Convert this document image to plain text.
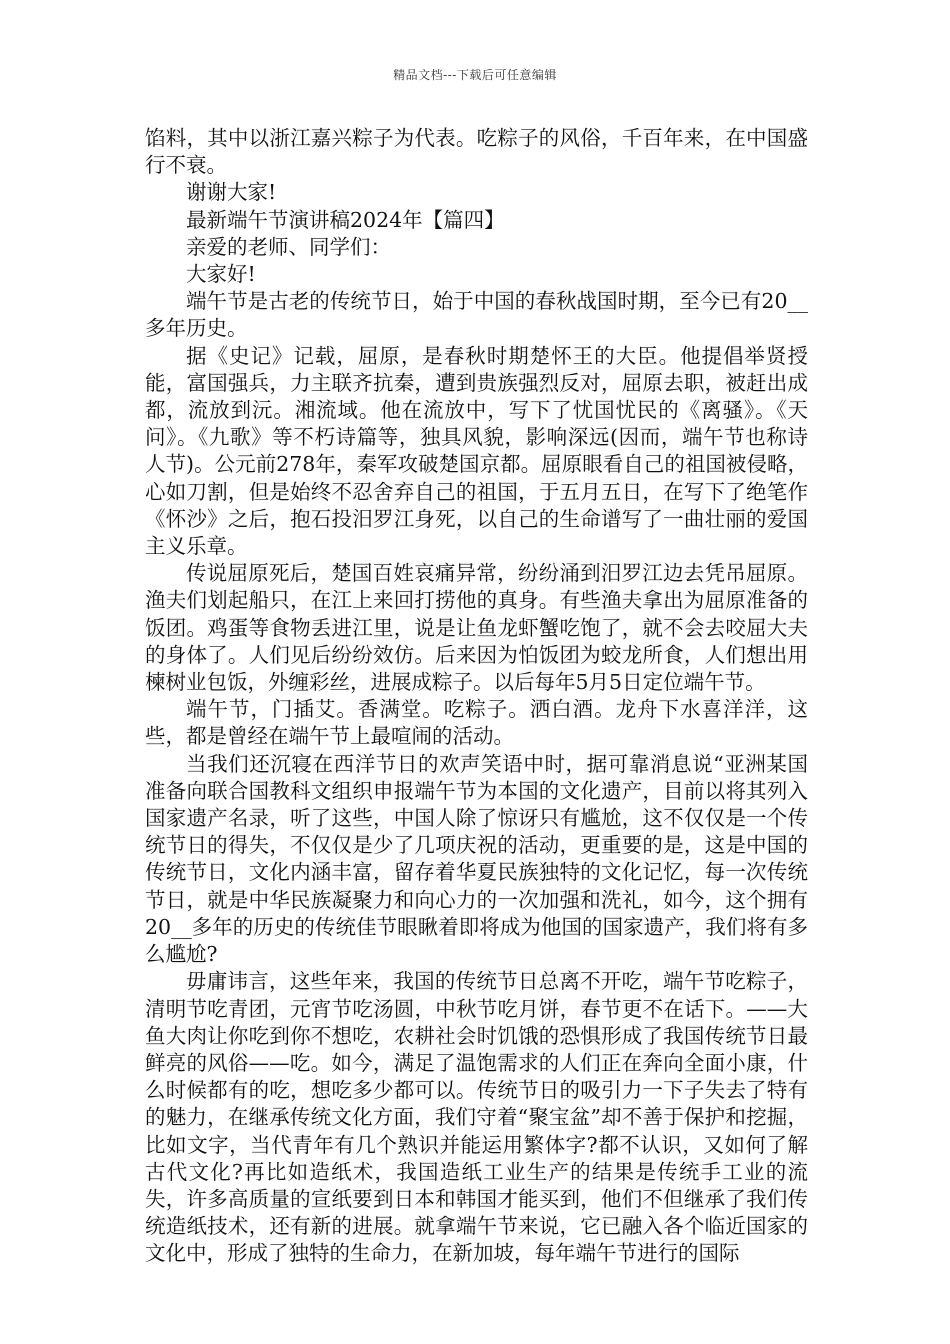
精品文档---下载后可任意编辑

馅料，其中以浙江嘉兴粽子为代表。吃粽子的风俗，千百年来，在中国盛行不衰。

谢谢大家!

最新端午节演讲稿2024年【篇四】

亲爱的老师、同学们：

大家好!

端午节是古老的传统节日，始于中国的春秋战国时期，至今已有20__多年历史。

据《史记》记载，屈原，是春秋时期楚怀王的大臣。他提倡举贤授能，富国强兵，力主联齐抗秦，遭到贵族强烈反对，屈原去职，被赶出成都，流放到沅。湘流域。他在流放中，写下了忧国忧民的《离骚》。《天问》。《九歌》等不朽诗篇等，独具风貌，影响深远(因而，端午节也称诗人节)。公元前278年，秦军攻破楚国京都。屈原眼看自己的祖国被侵略，心如刀割，但是始终不忍舍弃自己的祖国，于五月五日，在写下了绝笔作《怀沙》之后，抱石投汨罗江身死，以自己的生命谱写了一曲壮丽的爱国主义乐章。

传说屈原死后，楚国百姓哀痛异常，纷纷涌到汨罗江边去凭吊屈原。渔夫们划起船只，在江上来回打捞他的真身。有些渔夫拿出为屈原准备的饭团。鸡蛋等食物丢进江里，说是让鱼龙虾蟹吃饱了，就不会去咬屈大夫的身体了。人们见后纷纷效仿。后来因为怕饭团为蛟龙所食，人们想出用楝树业包饭，外缠彩丝，进展成粽子。以后每年5月5日定位端午节。

端午节，门插艾。香满堂。吃粽子。洒白酒。龙舟下水喜洋洋，这些，都是曾经在端午节上最喧闹的活动。

当我们还沉寝在西洋节日的欢声笑语中时，据可靠消息说“亚洲某国准备向联合国教科文组织申报端午节为本国的文化遗产，目前以将其列入国家遗产名录，听了这些，中国人除了惊讶只有尴尬，这不仅仅是一个传统节日的得失，不仅仅是少了几项庆祝的活动，更重要的是，这是中国的传统节日，文化内涵丰富，留存着华夏民族独特的文化记忆，每一次传统节日，就是中华民族凝聚力和向心力的一次加强和洗礼，如今，这个拥有20__多年的历史的传统佳节眼瞅着即将成为他国的国家遗产，我们将有多么尴尬?

毋庸讳言，这些年来，我国的传统节日总离不开吃，端午节吃粽子，清明节吃青团，元宵节吃汤圆，中秋节吃月饼，春节更不在话下。——大鱼大肉让你吃到你不想吃，农耕社会时饥饿的恐惧形成了我国传统节日最鲜亮的风俗——吃。如今，满足了温饱需求的人们正在奔向全面小康，什么时候都有的吃，想吃多少都可以。传统节日的吸引力一下子失去了特有的魅力，在继承传统文化方面，我们守着“聚宝盆”却不善于保护和挖掘，比如文字，当代青年有几个熟识并能运用繁体字?都不认识，又如何了解古代文化?再比如造纸术，我国造纸工业生产的结果是传统手工业的流失，许多高质量的宣纸要到日本和韩国才能买到，他们不但继承了我们传统造纸技术，还有新的进展。就拿端午节来说，它已融入各个临近国家的文化中，形成了独特的生命力，在新加坡，每年端午节进行的国际
